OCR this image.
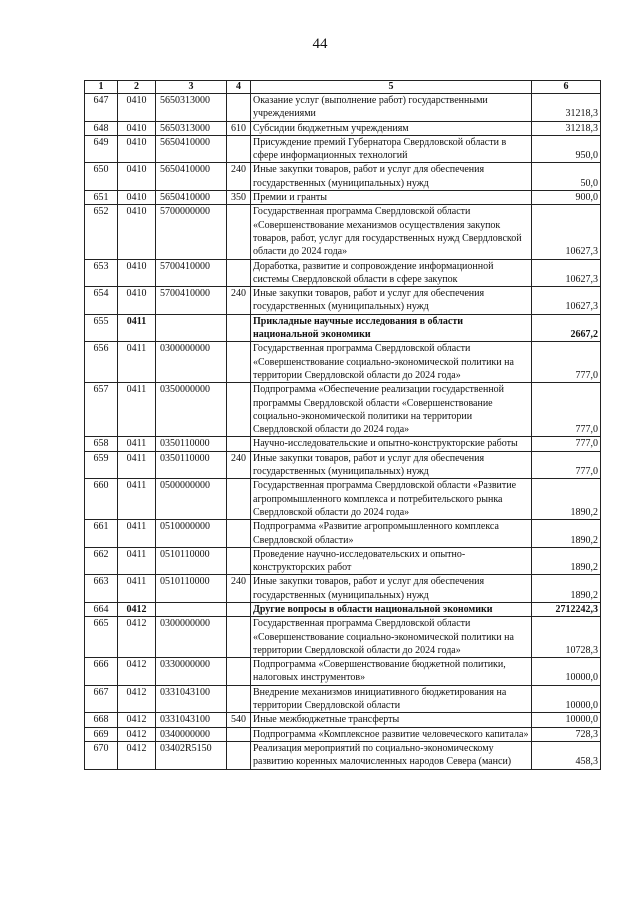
44
1	2	3	4	5	6
647	0410	5650313000		Оказание услуг (выполнение работ) государственными учреждениями	31218,3
648	0410	5650313000	610	Субсидии бюджетным учреждениям	31218,3
649	0410	5650410000		Присуждение премий Губернатора Свердловской области в сфере информационных технологий	950,0
650	0410	5650410000	240	Иные закупки товаров, работ и услуг для обеспечения государственных (муниципальных) нужд	50,0
651	0410	5650410000	350	Премии и гранты	900,0
652	0410	5700000000		Государственная программа Свердловской области «Совершенствование механизмов осуществления закупок товаров, работ, услуг для государственных нужд Свердловской области до 2024 года»	10627,3
653	0410	5700410000		Доработка, развитие и сопровождение информационной системы Свердловской области в сфере закупок	10627,3
654	0410	5700410000	240	Иные закупки товаров, работ и услуг для обеспечения государственных (муниципальных) нужд	10627,3
655	0411			Прикладные научные исследования в области национальной экономики	2667,2
656	0411	0300000000		Государственная программа Свердловской области «Совершенствование социально-экономической политики на территории Свердловской области до 2024 года»	777,0
657	0411	0350000000		Подпрограмма «Обеспечение реализации государственной программы Свердловской области «Совершенствование социально-экономической политики на территории Свердловской области до 2024 года»	777,0
658	0411	0350110000		Научно-исследовательские и опытно-конструкторские работы	777,0
659	0411	0350110000	240	Иные закупки товаров, работ и услуг для обеспечения государственных (муниципальных) нужд	777,0
660	0411	0500000000		Государственная программа Свердловской области «Развитие агропромышленного комплекса и потребительского рынка Свердловской области до 2024 года»	1890,2
661	0411	0510000000		Подпрограмма «Развитие агропромышленного комплекса Свердловской области»	1890,2
662	0411	0510110000		Проведение научно-исследовательских и опытно-конструкторских работ	1890,2
663	0411	0510110000	240	Иные закупки товаров, работ и услуг для обеспечения государственных (муниципальных) нужд	1890,2
664	0412			Другие вопросы в области национальной экономики	2712242,3
665	0412	0300000000		Государственная программа Свердловской области «Совершенствование социально-экономической политики на территории Свердловской области до 2024 года»	10728,3
666	0412	0330000000		Подпрограмма «Совершенствование бюджетной политики, налоговых инструментов»	10000,0
667	0412	0331043100		Внедрение механизмов инициативного бюджетирования на территории Свердловской области	10000,0
668	0412	0331043100	540	Иные межбюджетные трансферты	10000,0
669	0412	0340000000		Подпрограмма «Комплексное развитие человеческого капитала»	728,3
670	0412	03402R5150		Реализация мероприятий по социально-экономическому развитию коренных малочисленных народов Севера (манси)	458,3
